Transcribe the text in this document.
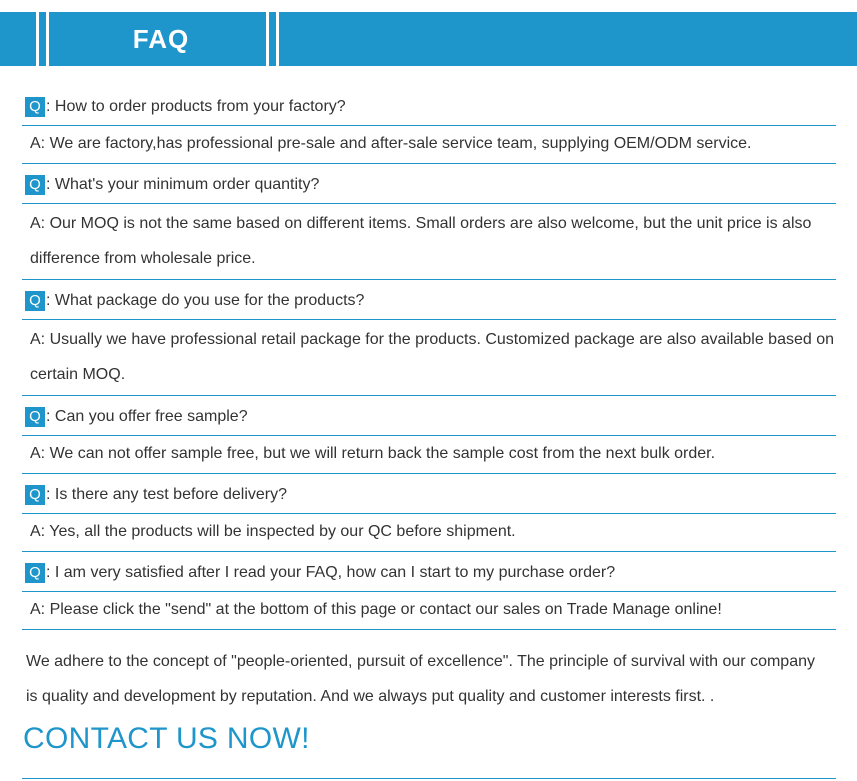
FAQ
Q : How to order products from your factory?
A: We are factory,has professional pre-sale and after-sale service team, supplying OEM/ODM service.
Q : What's your minimum order quantity?
A: Our MOQ is not the same based on different items. Small orders are also welcome, but the unit price is also difference from wholesale price.
Q : What package do you use for the products?
A: Usually we have professional retail package for the products. Customized package are also available based on certain MOQ.
Q : Can you offer free sample?
A: We can not offer sample free, but we will return back the sample cost from the next bulk order.
Q : Is there any test before delivery?
A: Yes, all the products will be inspected by our QC before shipment.
Q : I am very satisfied after I read your FAQ, how can I start to my purchase order?
A: Please click the "send" at the bottom of this page or contact our sales on Trade Manage online!
We adhere to the concept of "people-oriented, pursuit of excellence". The principle of survival with our company is quality and development by reputation. And we always put quality and customer interests first. .
CONTACT US NOW!
